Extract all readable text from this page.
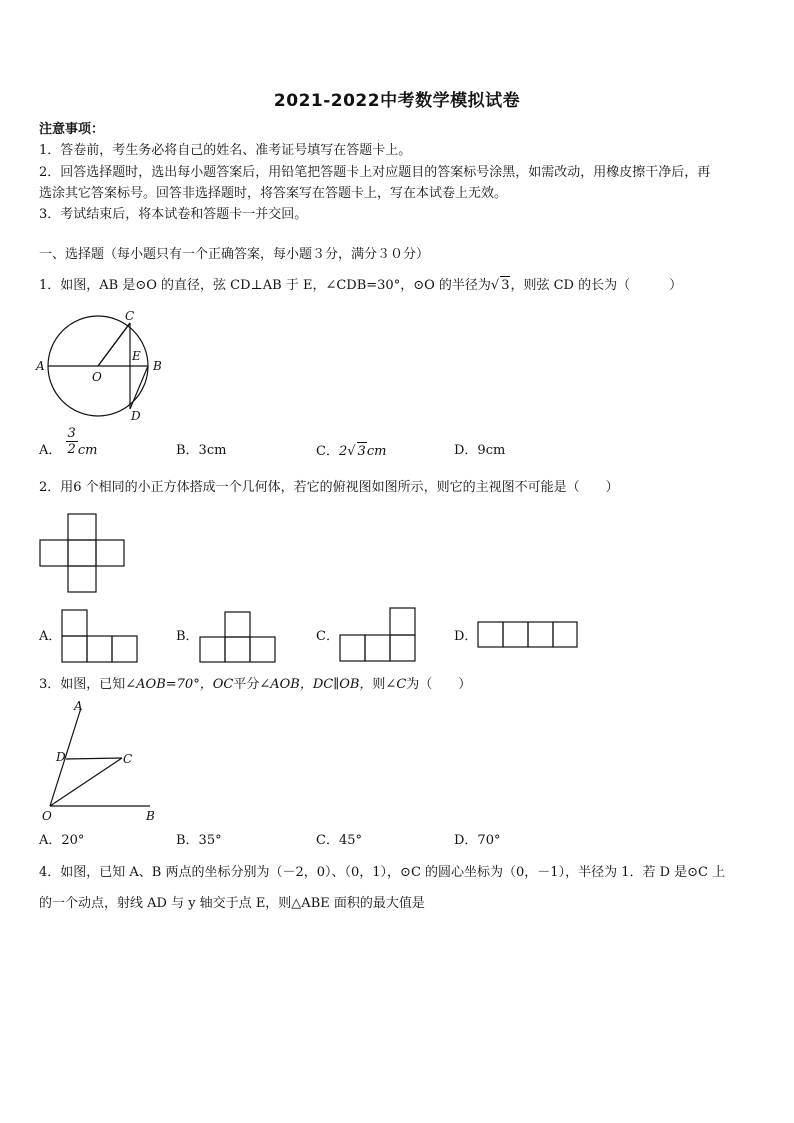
2021-2022中考数学模拟试卷
注意事项：
1．答卷前，考生务必将自己的姓名、准考证号填写在答题卡上。
2．回答选择题时，选出每小题答案后，用铅笔把答题卡上对应题目的答案标号涂黑，如需改动，用橡皮擦干净后，再
选涂其它答案标号。回答非选择题时，将答案写在答题卡上，写在本试卷上无效。
3．考试结束后，将本试卷和答题卡一并交回。
一、选择题（每小题只有一个正确答案，每小题３分，满分３０分）
1．如图，AB 是⊙O 的直径，弦 CD⊥AB 于 E，∠CDB=30°，⊙O 的半径为√ 3，则弦 CD 的长为（　　　）
A	B
C
D
E
O
A． $\frac{3}{2}$ cm	B．3cm	C．2√ 3cm	D．9cm
2．用6 个相同的小正方体搭成一个几何体，若它的俯视图如图所示，则它的主视图不可能是（　　）
A．	B．	C．	D．
3．如图，已知∠AOB=70°，OC平分∠AOB，DC∥OB，则∠C为（　　）
A
D	C
O	B
A．20°	B．35°	C．45°	D．70°
4．如图，已知 A、B 两点的坐标分别为（－2，0）、（0，1），⊙C 的圆心坐标为（0，－1），半径为 1．若 D 是⊙C 上
的一个动点，射线 AD 与 y 轴交于点 E，则△ABE 面积的最大值是
